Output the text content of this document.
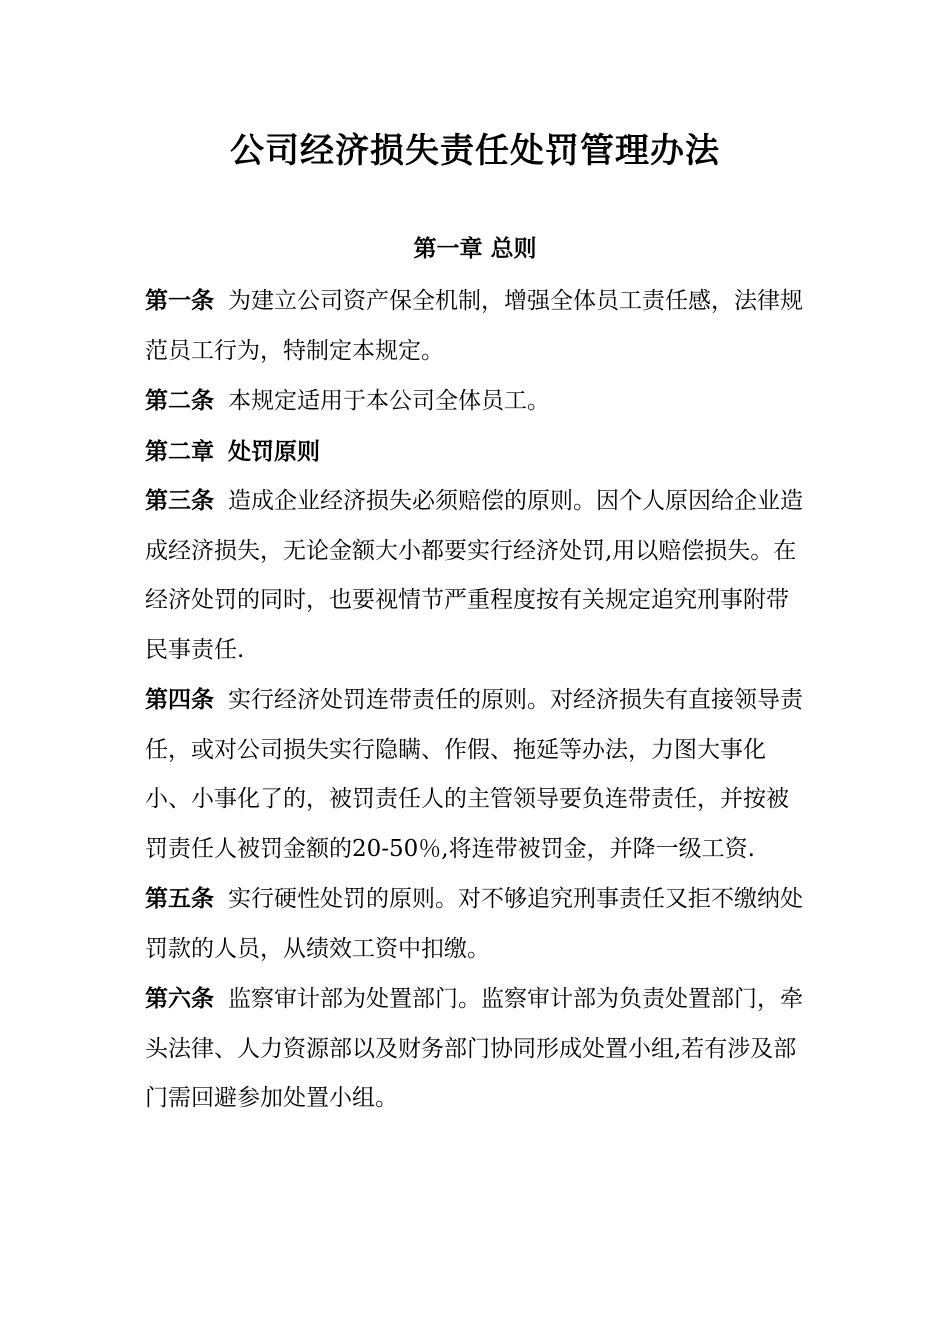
公司经济损失责任处罚管理办法
第一章 总则

第一条 为建立公司资产保全机制，增强全体员工责任感，法律规范员工行为，特制定本规定。

第二条 本规定适用于本公司全体员工。

第二章 处罚原则

第三条 造成企业经济损失必须赔偿的原则。因个人原因给企业造成经济损失，无论金额大小都要实行经济处罚,用以赔偿损失。在经济处罚的同时，也要视情节严重程度按有关规定追究刑事附带民事责任.

第四条 实行经济处罚连带责任的原则。对经济损失有直接领导责任，或对公司损失实行隐瞒、作假、拖延等办法，力图大事化小、小事化了的，被罚责任人的主管领导要负连带责任，并按被罚责任人被罚金额的20-50％,将连带被罚金，并降一级工资.

第五条 实行硬性处罚的原则。对不够追究刑事责任又拒不缴纳处罚款的人员，从绩效工资中扣缴。

第六条 监察审计部为处置部门。监察审计部为负责处置部门，牵头法律、人力资源部以及财务部门协同形成处置小组,若有涉及部门需回避参加处置小组。
